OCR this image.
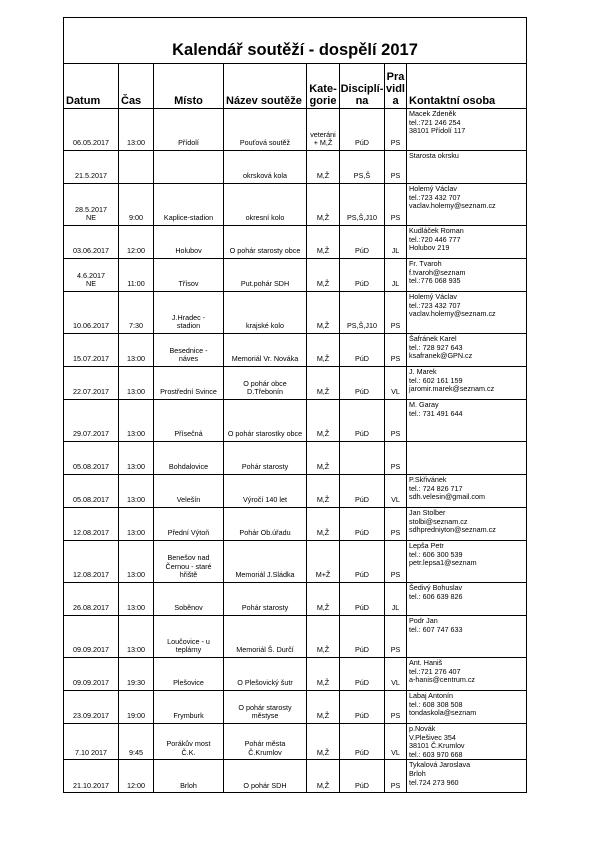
Kalendář soutěží - dospělí 2017							

Datum	Čas	Místo	Název soutěže	Kate-
gorie	Disciplí-
na	Pra
vidl
a	Kontaktní osoba

06.05.2017	13:00	Přídolí	Pouťová soutěž	veteráni
+ M,Ž	PúD	PS	Macek Zdeněk
tel.:721 246 254
38101 Přídolí 117

21.5.2017			okrsková kola	M,Ž	PS,Š	PS	Starosta okrsku

28.5.2017
NE	9:00	Kaplice-stadion	okresní kolo	M,Ž	PS,Š,J10	PS	Holemý Václav
tel.:723 432 707
vaclav.holemy@seznam.cz

03.06.2017	12:00	Holubov	O pohár starosty obce	M,Ž	PúD	JL	Kudláček Roman
tel.:720 446 777
Holubov 219

4.6.2017
NE	11:00	Třísov	Put.pohár SDH	M,Ž	PúD	JL	Fr. Tvaroh
f.tvaroh@seznam
tel.:776 068 935

10.06.2017	7:30	J.Hradec -
stadion	krajské kolo	M,Ž	PS,Š,J10	PS	Holemý Václav
tel.:723 432 707
vaclav.holemy@seznam.cz

15.07.2017	13:00	Besednice -
náves	Memoriál Vr. Nováka	M,Ž	PúD	PS	Šafránek Karel
tel.: 728 927 643
ksafranek@GPN.cz

22.07.2017	13:00	Prostřední Svince	O pohár obce
D.Třebonín	M,Ž	PúD	VL	J. Marek
tel.: 602 161 159
jaromir.marek@seznam.cz

29.07.2017	13:00	Přísečná	O pohár starostky obce	M,Ž	PúD	PS	M. Garay
tel.: 731 491 644

05.08.2017	13:00	Bohdalovice	Pohár starosty	M,Ž		PS	

05.08.2017	13:00	Velešín	Výročí 140 let	M,Ž	PúD	VL	P.Skřivánek
tel.: 724 826 717
sdh.velesin@gmail.com

12.08.2017	13:00	Přední Výtoň	Pohár Ob.úřadu	M,Ž	PúD	PS	Jan Stolber
stolbi@seznam.cz
sdhpredniyton@seznam.cz

12.08.2017	13:00	Benešov nad
Černou - staré
hřiště	Memoriál J.Sládka	M+Ž	PúD	PS	Lepša Petr
tel.: 606 300 539
petr.lepsa1@seznam

26.08.2017	13:00	Soběnov	Pohár starosty	M,Ž	PúD	JL	Šedivý Bohuslav
tel.: 606 639 826

09.09.2017	13:00	Loučovice - u
teplárny	Memoriál Š. Durčí	M,Ž	PúD	PS	Podr Jan
tel.: 607 747 633

09.09.2017	19:30	Plešovice	O Plešovický šutr	M,Ž	PúD	VL	Ant. Haniš
tel.:721 276 407
a-hanis@centrum.cz

23.09.2017	19:00	Frymburk	O pohár starosty
městyse	M,Ž	PúD	PS	Labaj Antonín
tel.: 608 308 508
tondaskola@seznam

7.10 2017	9:45	Porákův most
Č.K.	Pohár města
Č.Krumlov	M,Ž	PúD	VL	p.Novák
V.Plešivec 354
38101 Č.Krumlov
tel.: 603 970 668

21.10.2017	12:00	Brloh	O pohár SDH	M,Ž	PúD	PS	Tykalová Jaroslava
Brloh
tel.724 273 960
